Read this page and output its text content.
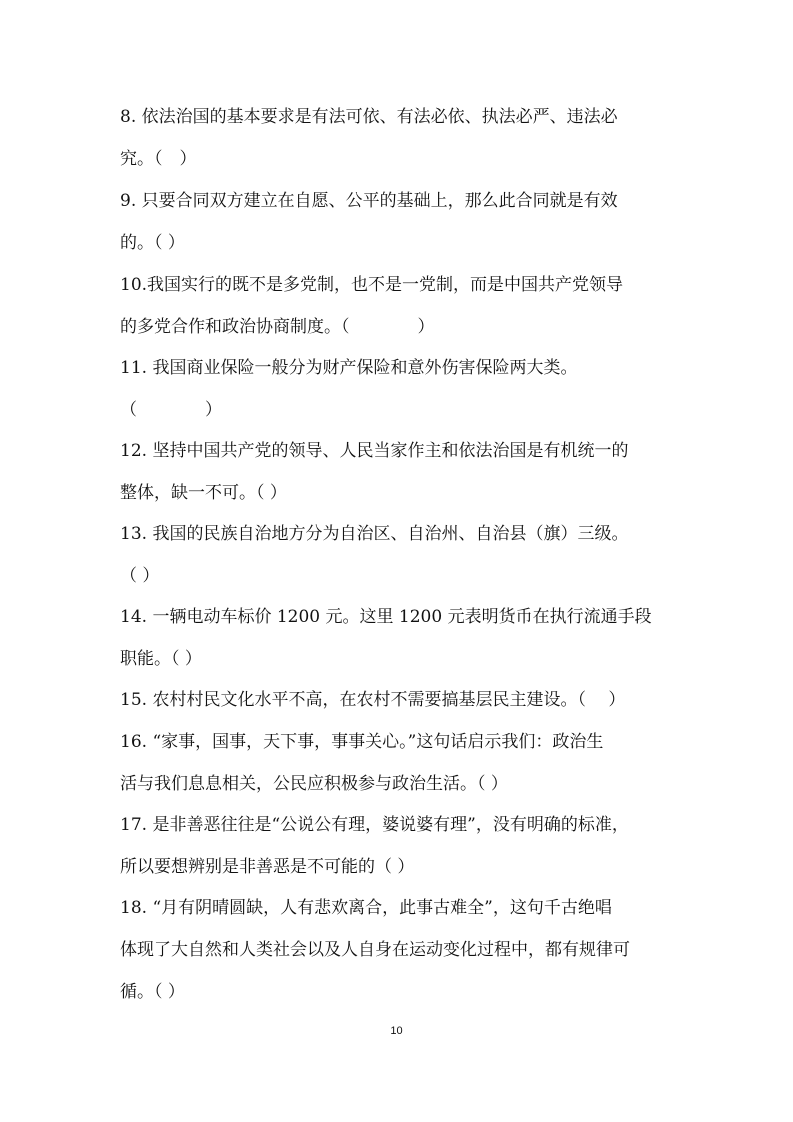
8. 依法治国的基本要求是有法可依、有法必依、执法必严、违法必
究。（　）
9. 只要合同双方建立在自愿、公平的基础上，那么此合同就是有效
的。（ ）
10.我国实行的既不是多党制，也不是一党制，而是中国共产党领导
的多党合作和政治协商制度。（　　　　）
11. 我国商业保险一般分为财产保险和意外伤害保险两大类。
（　　　　）
12. 坚持中国共产党的领导、人民当家作主和依法治国是有机统一的
整体，缺一不可。（ ）
13. 我国的民族自治地方分为自治区、自治州、自治县（旗）三级。
（ ）
14. 一辆电动车标价 1200 元。这里 1200 元表明货币在执行流通手段
职能。（ ）
15. 农村村民文化水平不高，在农村不需要搞基层民主建设。（　 ）
16. “家事，国事，天下事，事事关心。”这句话启示我们：政治生
活与我们息息相关，公民应积极参与政治生活。（ ）
17. 是非善恶往往是“公说公有理，婆说婆有理”，没有明确的标准，
所以要想辨别是非善恶是不可能的（ ）
18. “月有阴晴圆缺，人有悲欢离合，此事古难全”，这句千古绝唱
体现了大自然和人类社会以及人自身在运动变化过程中，都有规律可
循。（ ）
10
